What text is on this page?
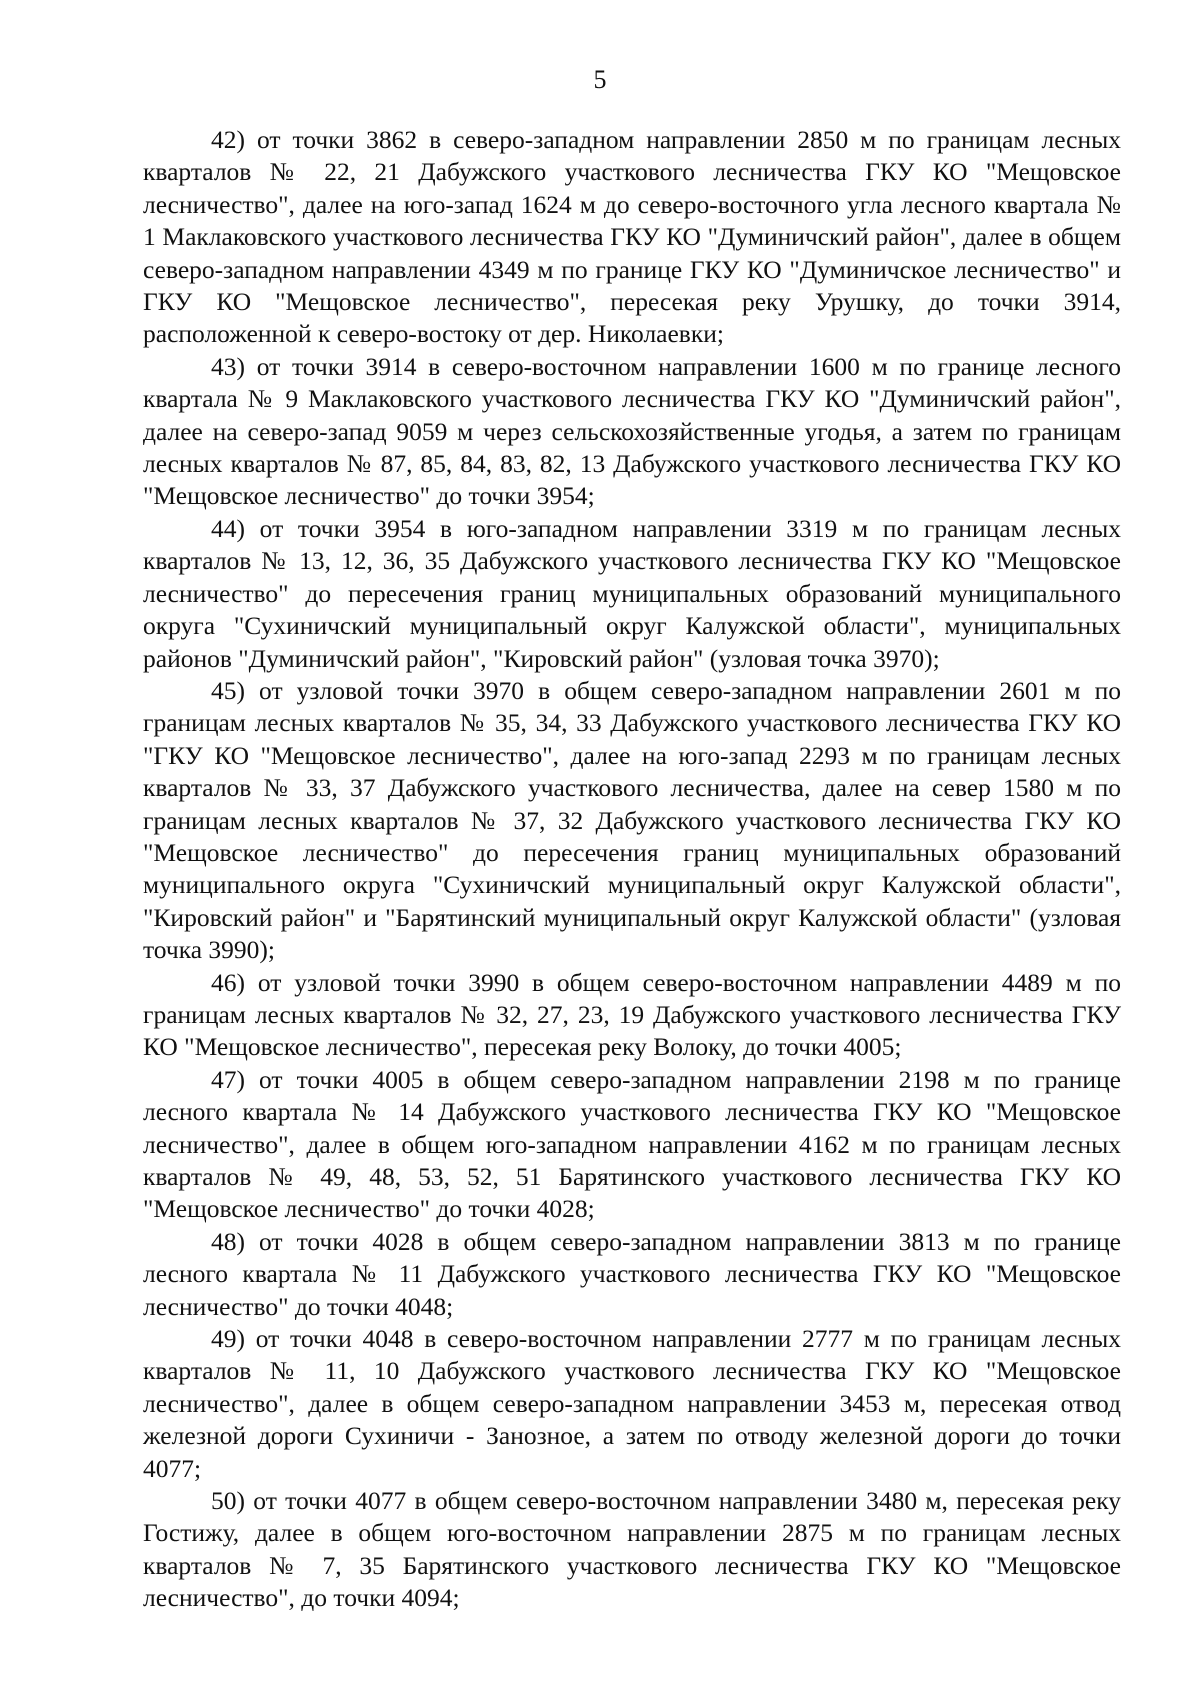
5

42) от точки 3862 в северо-западном направлении 2850 м по границам лесных кварталов № 22, 21 Дабужского участкового лесничества ГКУ КО "Мещовское лесничество", далее на юго-запад 1624 м до северо-восточного угла лесного квартала № 1 Маклаковского участкового лесничества ГКУ КО "Думиничский район", далее в общем северо-западном направлении 4349 м по границе ГКУ КО "Думиничское лесничество" и ГКУ КО "Мещовское лесничество", пересекая реку Урушку, до точки 3914, расположенной к северо-востоку от дер. Николаевки;

43) от точки 3914 в северо-восточном направлении 1600 м по границе лесного квартала № 9 Маклаковского участкового лесничества ГКУ КО "Думиничский район", далее на северо-запад 9059 м через сельскохозяйственные угодья, а затем по границам лесных кварталов № 87, 85, 84, 83, 82, 13 Дабужского участкового лесничества ГКУ КО "Мещовское лесничество" до точки 3954;

44) от точки 3954 в юго-западном направлении 3319 м по границам лесных кварталов № 13, 12, 36, 35 Дабужского участкового лесничества ГКУ КО "Мещовское лесничество" до пересечения границ муниципальных образований муниципального округа "Сухиничский муниципальный округ Калужской области", муниципальных районов "Думиничский район", "Кировский район" (узловая точка 3970);

45) от узловой точки 3970 в общем северо-западном направлении 2601 м по границам лесных кварталов № 35, 34, 33 Дабужского участкового лесничества ГКУ КО "ГКУ КО "Мещовское лесничество", далее на юго-запад 2293 м по границам лесных кварталов № 33, 37 Дабужского участкового лесничества, далее на север 1580 м по границам лесных кварталов № 37, 32 Дабужского участкового лесничества ГКУ КО "Мещовское лесничество" до пересечения границ муниципальных образований муниципального округа "Сухиничский муниципальный округ Калужской области", "Кировский район" и "Барятинский муниципальный округ Калужской области" (узловая точка 3990);

46) от узловой точки 3990 в общем северо-восточном направлении 4489 м по границам лесных кварталов № 32, 27, 23, 19 Дабужского участкового лесничества ГКУ КО "Мещовское лесничество", пересекая реку Волоку, до точки 4005;

47) от точки 4005 в общем северо-западном направлении 2198 м по границе лесного квартала № 14 Дабужского участкового лесничества ГКУ КО "Мещовское лесничество", далее в общем юго-западном направлении 4162 м по границам лесных кварталов № 49, 48, 53, 52, 51 Барятинского участкового лесничества ГКУ КО "Мещовское лесничество" до точки 4028;

48) от точки 4028 в общем северо-западном направлении 3813 м по границе лесного квартала № 11 Дабужского участкового лесничества ГКУ КО "Мещовское лесничество" до точки 4048;

49) от точки 4048 в северо-восточном направлении 2777 м по границам лесных кварталов № 11, 10 Дабужского участкового лесничества ГКУ КО "Мещовское лесничество", далее в общем северо-западном направлении 3453 м, пересекая отвод железной дороги Сухиничи - Занозное, а затем по отводу железной дороги до точки 4077;

50) от точки 4077 в общем северо-восточном направлении 3480 м, пересекая реку Гостижу, далее в общем юго-восточном направлении 2875 м по границам лесных кварталов № 7, 35 Барятинского участкового лесничества ГКУ КО "Мещовское лесничество", до точки 4094;
